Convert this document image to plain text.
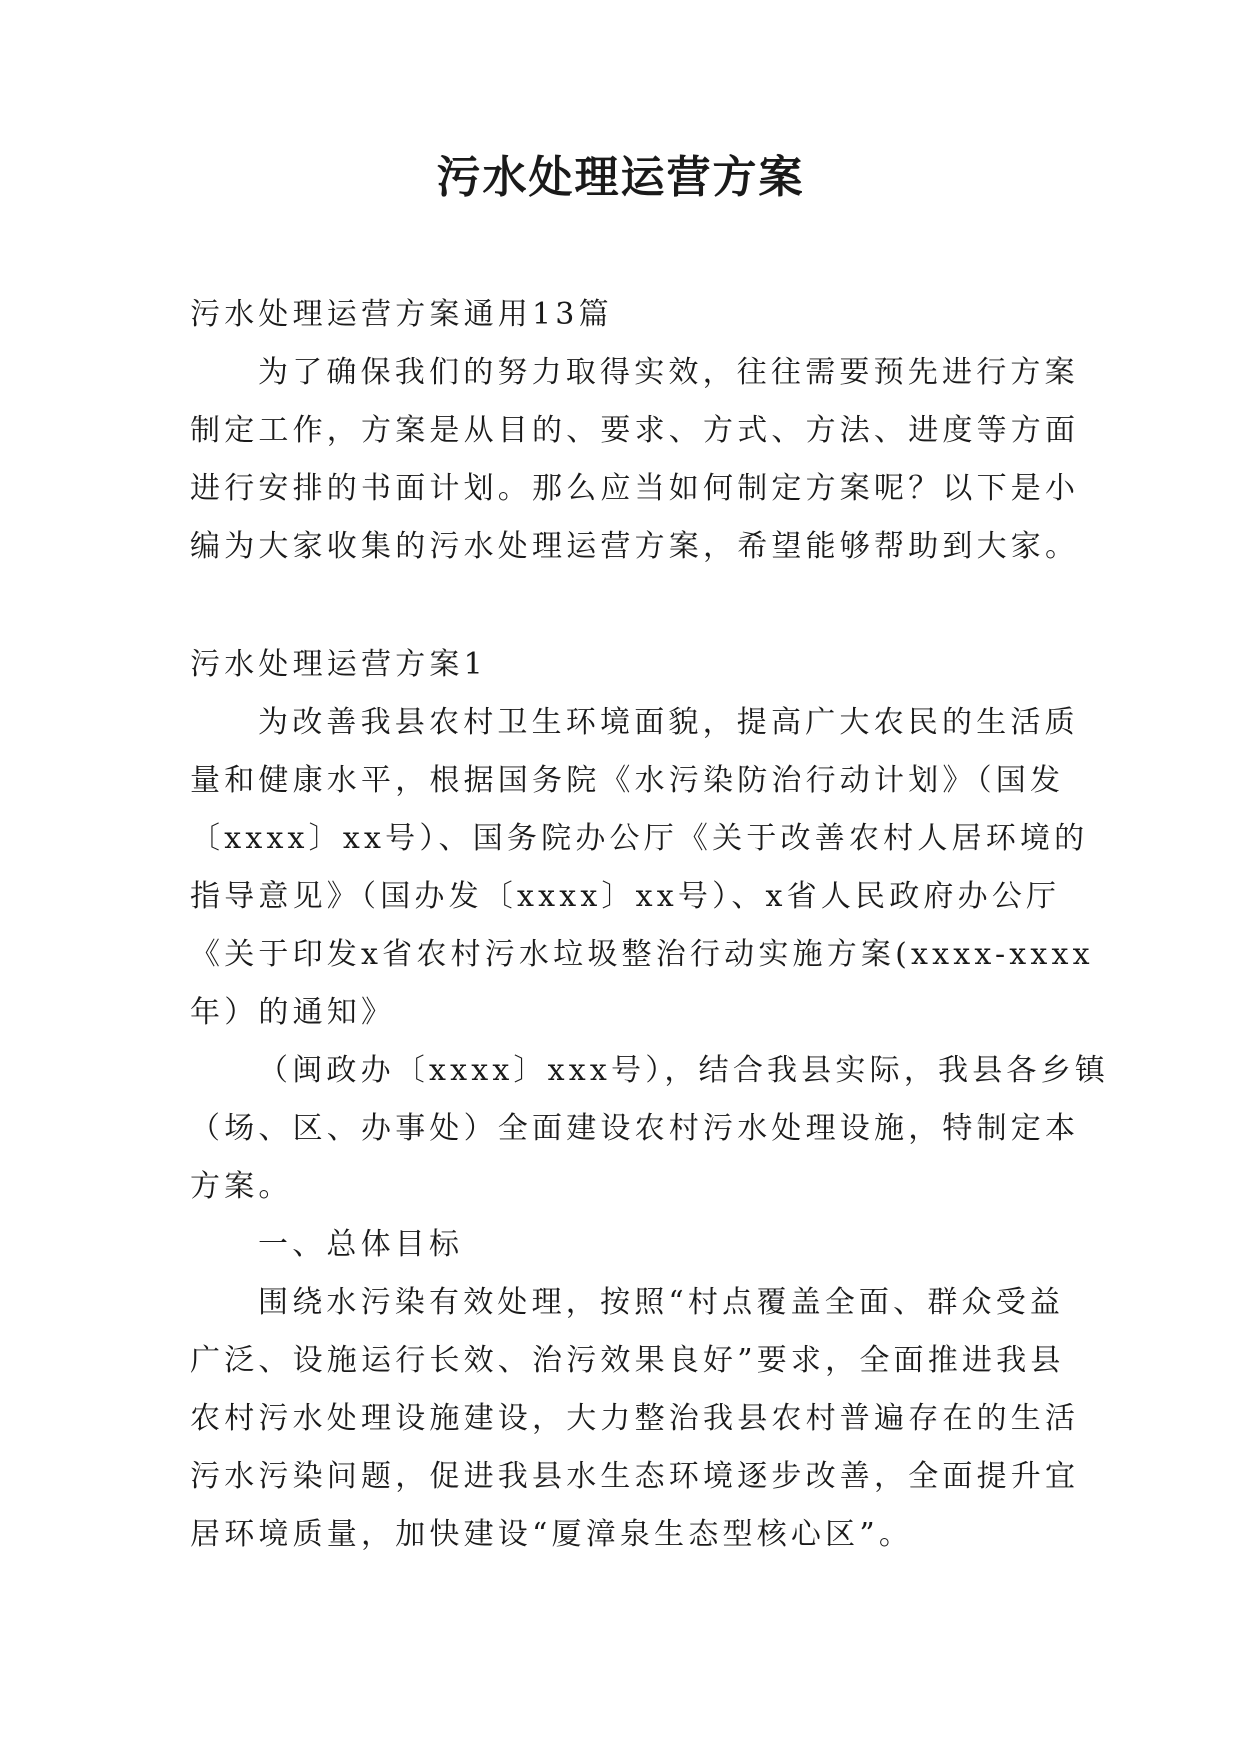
污水处理运营方案
污水处理运营方案通用13篇
为了确保我们的努力取得实效，往往需要预先进行方案
制定工作，方案是从目的、要求、方式、方法、进度等方面
进行安排的书面计划。那么应当如何制定方案呢？以下是小
编为大家收集的污水处理运营方案，希望能够帮助到大家。
污水处理运营方案1
为改善我县农村卫生环境面貌，提高广大农民的生活质
量和健康水平，根据国务院《水污染防治行动计划》（国发
〔xxxx〕xx号）、国务院办公厅《关于改善农村人居环境的
指导意见》（国办发〔xxxx〕xx号）、x省人民政府办公厅
《关于印发x省农村污水垃圾整治行动实施方案(xxxx-xxxx
年）的通知》
（闽政办〔xxxx〕xxx号），结合我县实际，我县各乡镇
（场、区、办事处）全面建设农村污水处理设施，特制定本
方案。
一、总体目标
围绕水污染有效处理，按照“村点覆盖全面、群众受益
广泛、设施运行长效、治污效果良好”要求，全面推进我县
农村污水处理设施建设，大力整治我县农村普遍存在的生活
污水污染问题，促进我县水生态环境逐步改善，全面提升宜
居环境质量，加快建设“厦漳泉生态型核心区”。
